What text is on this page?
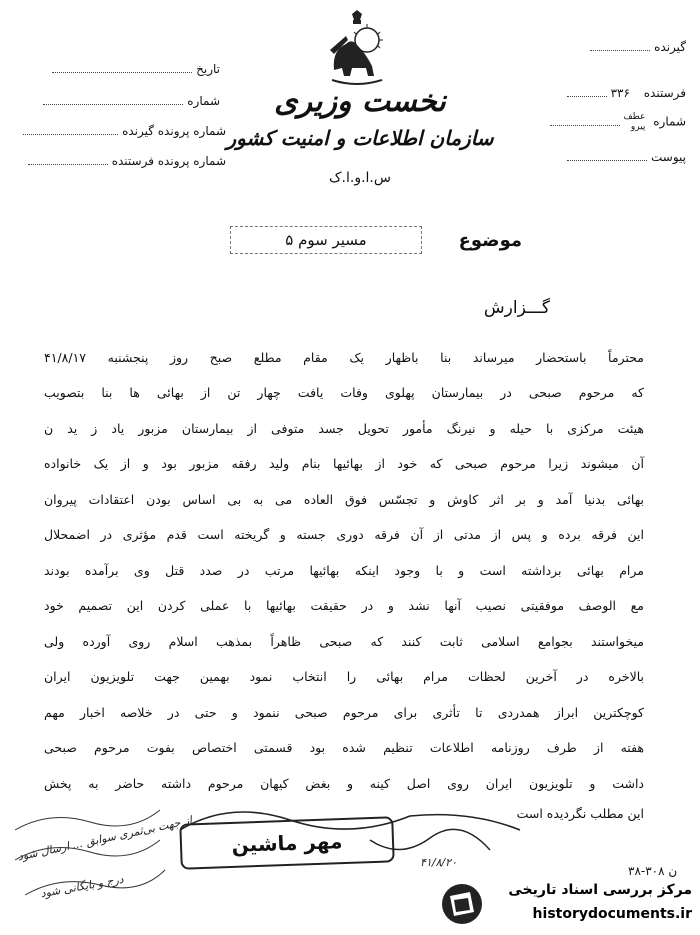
گیرنده
فرستنده ۳۳۶
شماره عطف
پیرو
پیوست
تاریخ
شماره
شماره پرونده گیرنده
شماره پرونده فرستنده
نخست وزیری
سازمان اطلاعات و امنیت کشور
س.ا.و.ا.ک
موضوع
مسیر سوم ۵
گـــزارش
محترماً باستحضار میرساند بنا باظهار یک مقام مطلع صبح روز پنجشنبه ۴۱/۸/۱۷
که مرحوم صبحی در بیمارستان پهلوی وفات یافت چهار تن از بهائی ها بنا بتصویب
هیئت مرکزی با حیله و نیرنگ مأمور تحویل جسد متوفی از بیمارستان مزبور یاد ز ید ن
آن میشوند زیرا مرحوم صبحی که خود از بهائیها بنام ولید رفقه مزبور بود و از یک خانواده
بهائی بدنیا آمد و بر اثر کاوش و تجسّس فوق العاده می به بی اساس بودن اعتقادات پیروان
این فرقه برده و پس از مدتی از آن فرقه دوری جسته و گریخته است قدم مؤثری در اضمحلال
مرام بهائی برداشته است و با وجود اینکه بهائیها مرتب در صدد قتل وی برآمده بودند
مع الوصف موفقیتی نصیب آنها نشد و در حقیقت بهائیها با عملی کردن این تصمیم خود
میخواستند بجوامع اسلامی ثابت کنند که صبحی ظاهراً بمذهب اسلام روی آورده ولی
بالاخره در آخرین لحظات مرام بهائی را انتخاب نمود بهمین جهت تلویزیون ایران
کوچکترین ابراز همدردی تا تأثری برای مرحوم صبحی ننمود و حتی در خلاصه اخبار مهم
هفته از طرف روزنامه اطلاعات تنظیم شده بود قسمتی اختصاص بفوت مرحوم صبحی
داشت و تلویزیون ایران روی اصل کینه و بغض کیهان مرحوم داشته حاضر به پخش
این مطلب نگردیده است
مهر ماشین
از جهت بی‌ثمری سوابق ... ارسال شود
درج و بایگانی شود
۴۱/۸/۲۰
۳۸-۳۰۸ ن
مرکز بررسی اسناد تاریخی
historydocuments.ir
